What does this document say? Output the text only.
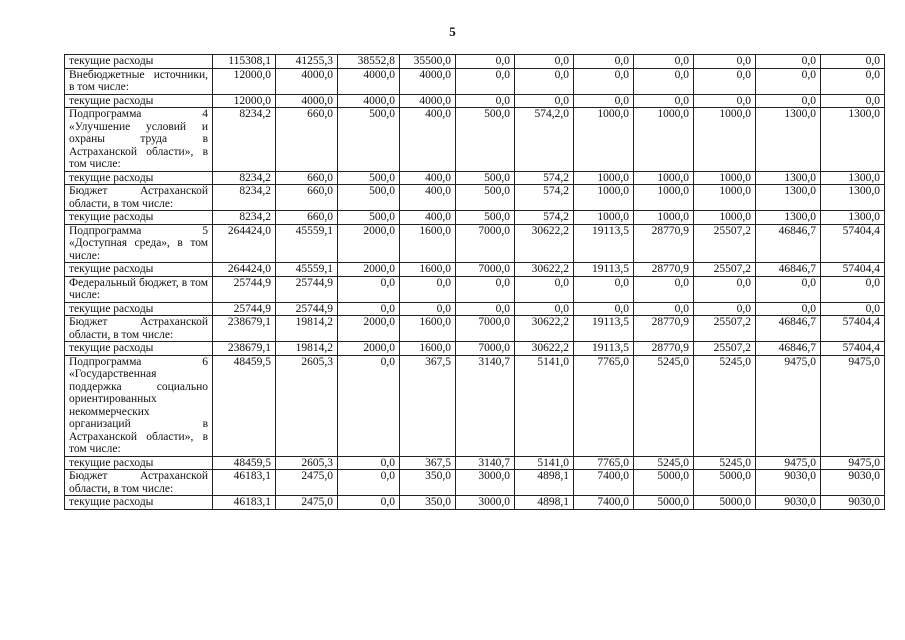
5
текущие расходы	115308,1	41255,3	38552,8	35500,0	0,0	0,0	0,0	0,0	0,0	0,0	0,0
Внебюджетные источники, в том числе:	12000,0	4000,0	4000,0	4000,0	0,0	0,0	0,0	0,0	0,0	0,0	0,0
текущие расходы	12000,0	4000,0	4000,0	4000,0	0,0	0,0	0,0	0,0	0,0	0,0	0,0
Подпрограмма 4 «Улучшение условий и охраны труда в Астраханской области», в том числе:	8234,2	660,0	500,0	400,0	500,0	574,2,0	1000,0	1000,0	1000,0	1300,0	1300,0
текущие расходы	8234,2	660,0	500,0	400,0	500,0	574,2	1000,0	1000,0	1000,0	1300,0	1300,0
Бюджет Астраханской области, в том числе:	8234,2	660,0	500,0	400,0	500,0	574,2	1000,0	1000,0	1000,0	1300,0	1300,0
текущие расходы	8234,2	660,0	500,0	400,0	500,0	574,2	1000,0	1000,0	1000,0	1300,0	1300,0
Подпрограмма 5 «Доступная среда», в том числе:	264424,0	45559,1	2000,0	1600,0	7000,0	30622,2	19113,5	28770,9	25507,2	46846,7	57404,4
текущие расходы	264424,0	45559,1	2000,0	1600,0	7000,0	30622,2	19113,5	28770,9	25507,2	46846,7	57404,4
Федеральный бюджет, в том числе:	25744,9	25744,9	0,0	0,0	0,0	0,0	0,0	0,0	0,0	0,0	0,0
текущие расходы	25744,9	25744,9	0,0	0,0	0,0	0,0	0,0	0,0	0,0	0,0	0,0
Бюджет Астраханской области, в том числе:	238679,1	19814,2	2000,0	1600,0	7000,0	30622,2	19113,5	28770,9	25507,2	46846,7	57404,4
текущие расходы	238679,1	19814,2	2000,0	1600,0	7000,0	30622,2	19113,5	28770,9	25507,2	46846,7	57404,4
Подпрограмма 6 «Государственная поддержка социально ориентированных некоммерческих организаций в Астраханской области», в том числе:	48459,5	2605,3	0,0	367,5	3140,7	5141,0	7765,0	5245,0	5245,0	9475,0	9475,0
текущие расходы	48459,5	2605,3	0,0	367,5	3140,7	5141,0	7765,0	5245,0	5245,0	9475,0	9475,0
Бюджет Астраханской области, в том числе:	46183,1	2475,0	0,0	350,0	3000,0	4898,1	7400,0	5000,0	5000,0	9030,0	9030,0
текущие расходы	46183,1	2475,0	0,0	350,0	3000,0	4898,1	7400,0	5000,0	5000,0	9030,0	9030,0
